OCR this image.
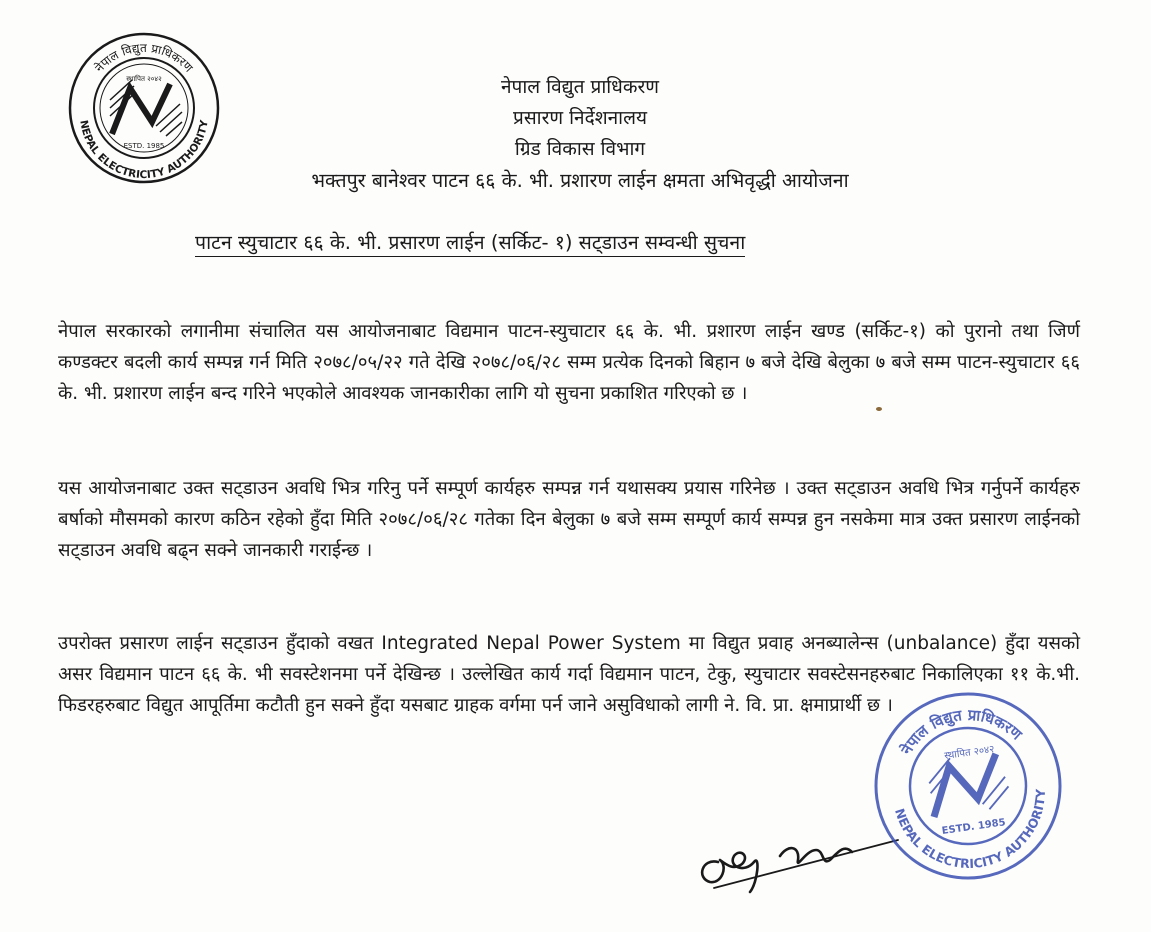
नेपाल विद्युत प्राधिकरण
NEPAL ELECTRICITY AUTHORITY
स्थापित २०४२
ESTD. 1985
नेपाल विद्युत प्राधिकरण
प्रसारण निर्देशनालय
ग्रिड विकास विभाग
भक्तपुर बानेश्वर पाटन ६६ के. भी. प्रशारण लाईन क्षमता अभिवृद्धी आयोजना
पाटन स्युचाटार ६६ के. भी. प्रसारण लाईन (सर्किट- १) सट्डाउन सम्वन्धी सुचना

नेपाल सरकारको लगानीमा संचालित यस आयोजनाबाट विद्यमान पाटन-स्युचाटार ६६ के. भी. प्रशारण लाईन खण्ड (सर्किट-१) को पुरानो तथा जिर्ण कण्डक्टर बदली कार्य सम्पन्न गर्न मिति २०७८/०५/२२ गते देखि २०७८/०६/२८ सम्म प्रत्येक दिनको बिहान ७ बजे देखि बेलुका ७ बजे सम्म पाटन-स्युचाटार ६६ के. भी. प्रशारण लाईन बन्द गरिने भएकोले आवश्यक जानकारीका लागि यो सुचना प्रकाशित गरिएको छ ।

यस आयोजनाबाट उक्त सट्डाउन अवधि भित्र गरिनु पर्ने सम्पूर्ण कार्यहरु सम्पन्न गर्न यथासक्य प्रयास गरिनेछ । उक्त सट्डाउन अवधि भित्र गर्नुपर्ने कार्यहरु बर्षाको मौसमको कारण कठिन रहेको हुँदा मिति २०७८/०६/२८ गतेका दिन बेलुका ७ बजे सम्म सम्पूर्ण कार्य सम्पन्न हुन नसकेमा मात्र उक्त प्रसारण लाईनको सट्डाउन अवधि बढ्न सक्ने जानकारी गराईन्छ ।

उपरोक्त प्रसारण लाईन सट्डाउन हुँदाको वखत Integrated Nepal Power System मा विद्युत प्रवाह अनब्यालेन्स (unbalance) हुँदा यसको असर विद्यमान पाटन ६६ के. भी सवस्टेशनमा पर्ने देखिन्छ । उल्लेखित कार्य गर्दा विद्यमान पाटन, टेकु, स्युचाटार सवस्टेसनहरुबाट निकालिएका ११ के.भी. फिडरहरुबाट विद्युत आपूर्तिमा कटौती हुन सक्ने हुँदा यसबाट ग्राहक वर्गमा पर्न जाने असुविधाको लागी ने. वि. प्रा. क्षमाप्रार्थी छ ।

नेपाल विद्युत प्राधिकरण
NEPAL ELECTRICITY AUTHORITY
स्थापित २०४२
ESTD. 1985
